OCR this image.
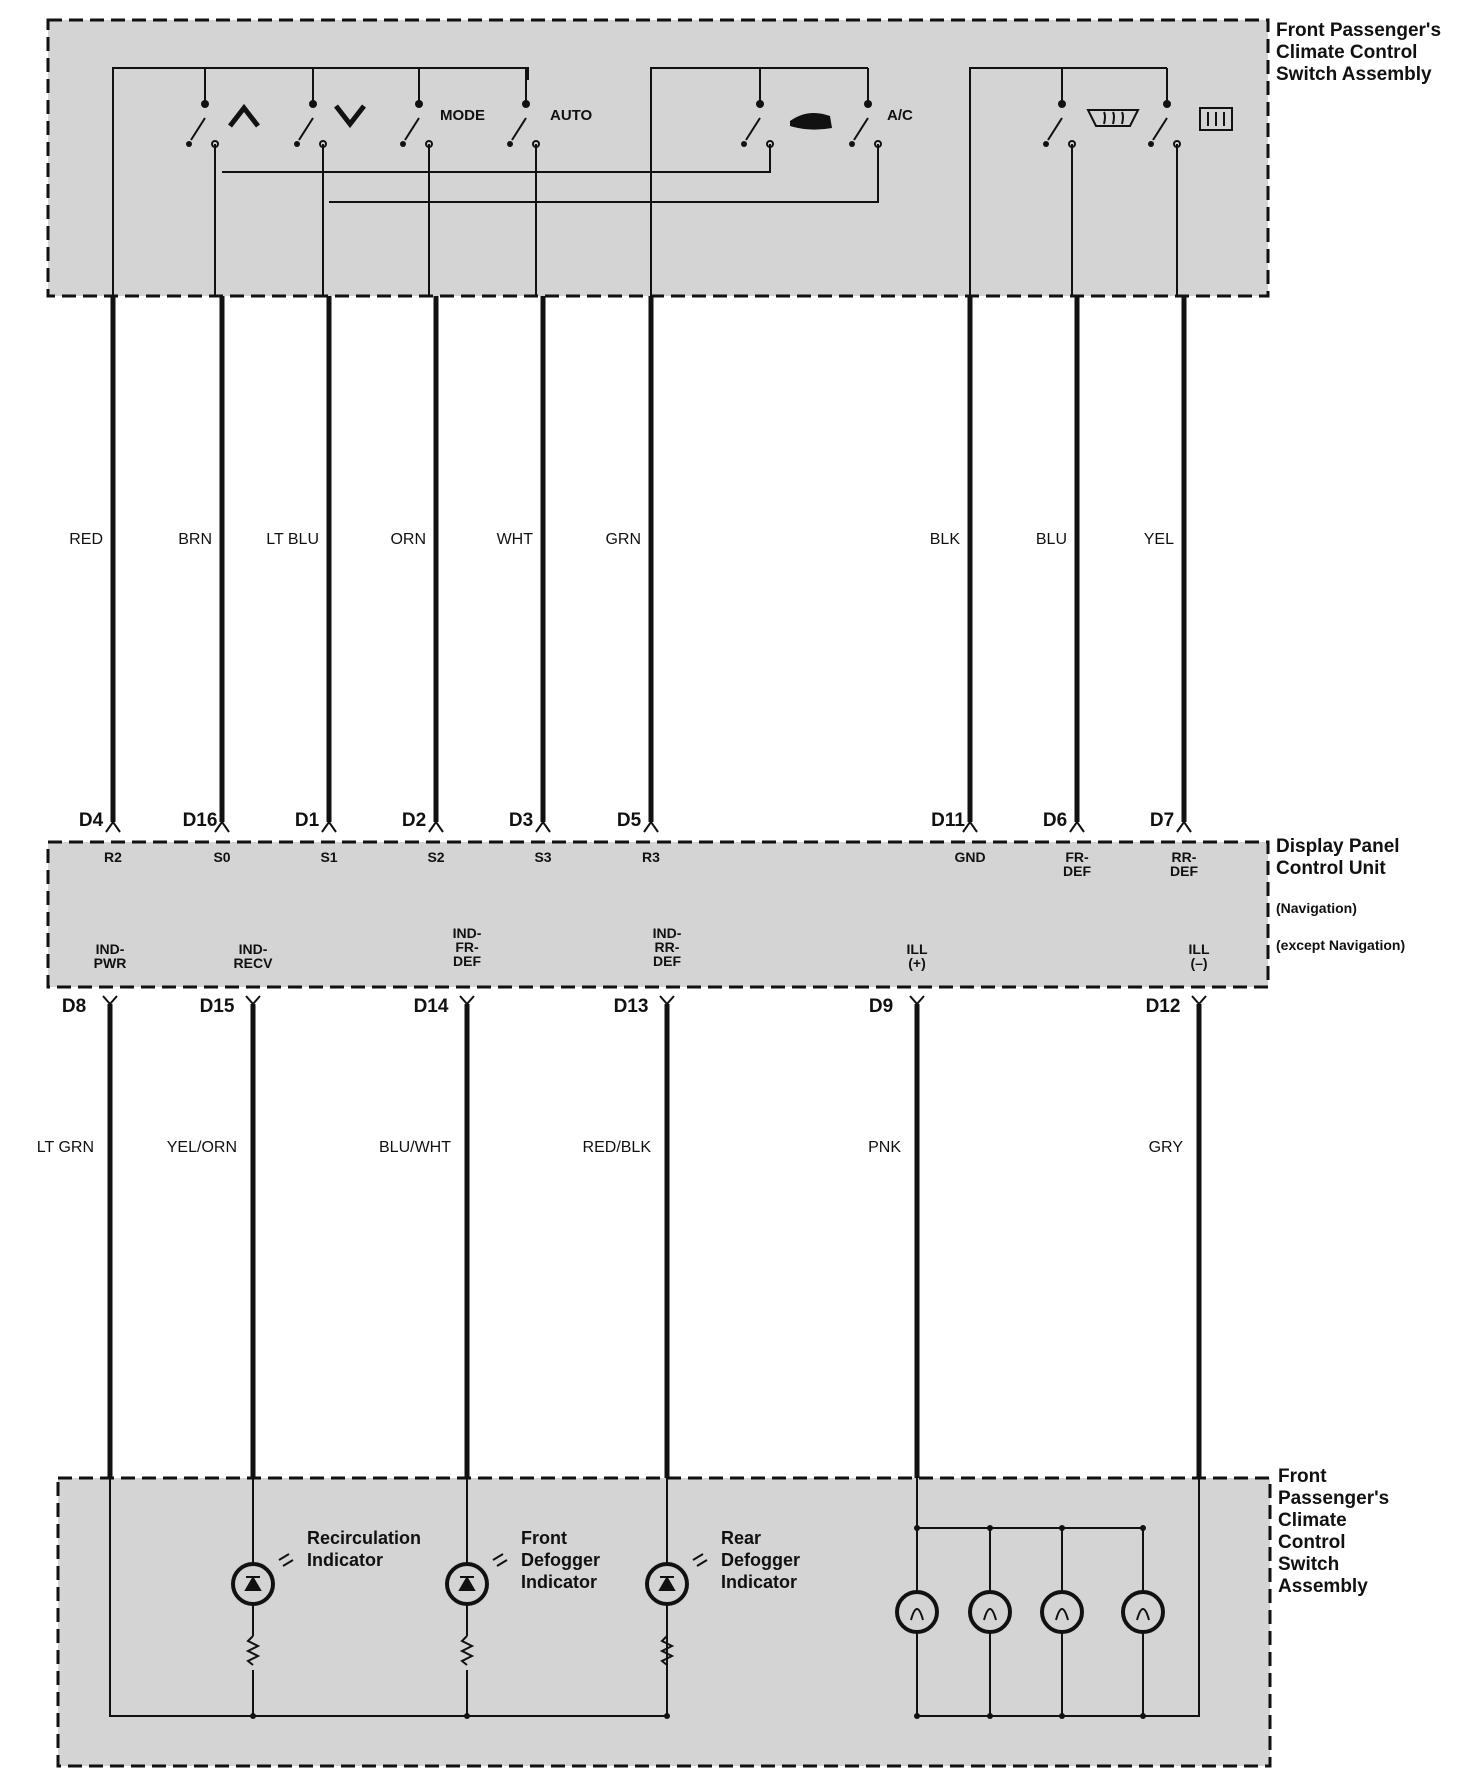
RED
D4
R2
BRN
D16
S0
LT BLU
D1
S1
ORN
D2
S2
WHT
D3
S3
GRN
D5
R3
BLK
D11
GND
BLU
D6
FR-DEF
YEL
D7
RR-DEF
LT GRN
D8
IND-PWR
YEL/ORN
D15
IND-RECV
BLU/WHT
D14
IND-FR-DEF
RED/BLK
D13
IND-RR-DEF
PNK
D9
ILL (+)
GRY
D12
ILL (–)
MODE	AUTO	A/C
Recirculation Indicator
Front Defogger Indicator
Rear Defogger Indicator
Front Passenger's Climate Control Switch Assembly
Display Panel Control Unit
(Navigation)
(except Navigation)
Front Passenger's Climate Control Switch Assembly
